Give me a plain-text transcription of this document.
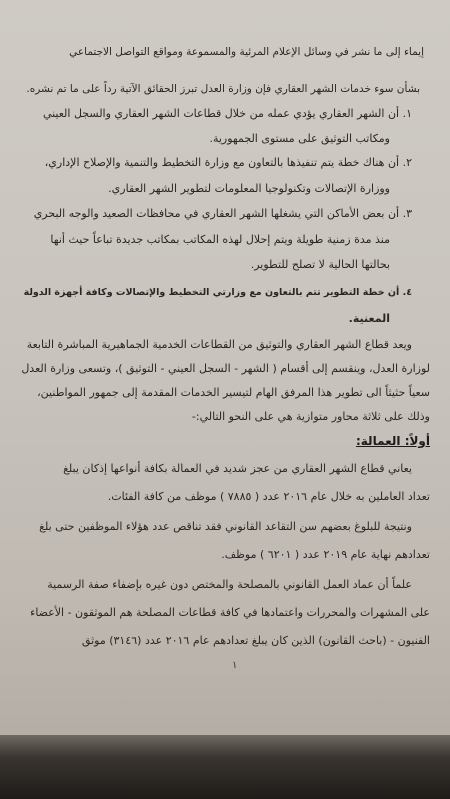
إيماء إلى ما نشر في وسائل الإعلام المرئية والمسموعة ومواقع التواصل الاجتماعي
بشأن سوء خدمات الشهر العقاري فإن وزارة العدل تبرز الحقائق الآتية رداً على ما تم نشره.
١. أن الشهر العقاري يؤدي عمله من خلال قطاعات الشهر العقاري والسجل العيني
ومكاتب التوثيق على مستوى الجمهورية.
٢. أن هناك خطة يتم تنفيذها بالتعاون مع وزارة التخطيط والتنمية والإصلاح الإداري،
ووزارة الإتصالات وتكنولوجيا المعلومات لتطوير الشهر العقاري.
٣. أن بعض الأماكن التي يشغلها الشهر العقاري في محافظات الصعيد والوجه البحري
منذ مدة زمنية طويلة ويتم إحلال لهذه المكاتب بمكاتب جديدة تباعاً حيث أنها
بحالتها الحالية لا تصلح للتطوير.
٤. أن خطة التطوير تتم بالتعاون مع وزارتي التخطيط والإتصالات وكافة أجهزة الدولة
المعنية.
ويعد قطاع الشهر العقاري والتوثيق من القطاعات الخدمية الجماهيرية المباشرة التابعة
لوزارة العدل، وينقسم إلى أقسام ( الشهر - السجل العيني - التوثيق )، وتسعى وزارة العدل
سعياً حثيثاً الى تطوير هذا المرفق الهام لتيسير الخدمات المقدمة إلى جمهور المواطنين،
وذلك على ثلاثة محاور متوازية هي على النحو التالي:-
أولاً: العمالة:
يعاني قطاع الشهر العقاري من عجز شديد في العمالة بكافة أنواعها إذكان يبلغ
تعداد العاملين به خلال عام ٢٠١٦ عدد ( ٧٨٨٥ ) موظف من كافة الفئات.
ونتيجة للبلوغ بعضهم سن التقاعد القانوني فقد تناقص عدد هؤلاء الموظفين حتى بلغ
تعدادهم نهاية عام ٢٠١٩ عدد ( ٦٢٠١ ) موظف.
علماً أن عماد العمل القانوني بالمصلحة والمختص دون غيره بإضفاء صفة الرسمية
على المشهرات والمحررات واعتمادها في كافة قطاعات المصلحة هم الموثقون - الأعضاء
الفنيون - (باحث القانون) الذين كان يبلغ تعدادهم عام ٢٠١٦ عدد (٣١٤٦) موثق
١
